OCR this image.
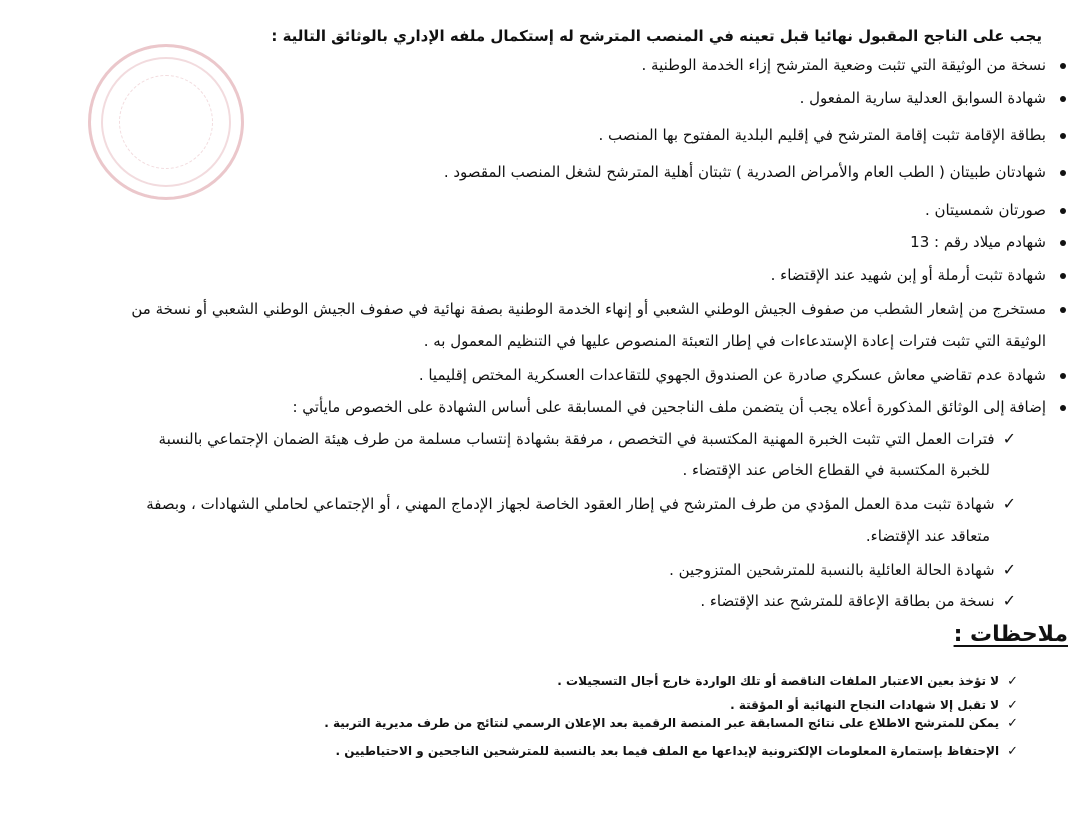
يجب على الناجح المقبول نهائيا قبل تعينه في المنصب المترشح له إستكمال ملفه الإداري بالوثائق التالية :
نسخة من الوثيقة التي تثبت وضعية المترشح إزاء الخدمة الوطنية .
شهادة السوابق العدلية سارية المفعول .
بطاقة الإقامة تثبت إقامة المترشح في إقليم البلدية المفتوح بها المنصب .
شهادتان طبيتان ( الطب العام والأمراض الصدرية ) تثبتان أهلية المترشح لشغل المنصب المقصود .
صورتان شمسيتان .
شهادم ميلاد رقم : 13
شهادة تثبت أرملة أو إبن شهيد عند الإقتضاء .
مستخرج من إشعار الشطب من صفوف الجيش الوطني الشعبي أو إنهاء الخدمة الوطنية بصفة نهائية في صفوف الجيش الوطني الشعبي أو نسخة من
الوثيقة التي تثبت فترات إعادة الإستدعاءات في إطار التعبئة المنصوص عليها في التنظيم المعمول به .
شهادة عدم تقاضي معاش عسكري صادرة عن الصندوق الجهوي للتقاعدات العسكرية المختص إقليميا .
إضافة إلى الوثائق المذكورة أعلاه يجب أن يتضمن ملف الناجحين في المسابقة على أساس الشهادة على الخصوص مايأتي :
✓فترات العمل التي تثبت الخبرة المهنية المكتسبة في التخصص ، مرفقة بشهادة إنتساب مسلمة من طرف هيئة الضمان الإجتماعي بالنسبة
للخبرة المكتسبة في القطاع الخاص عند الإقتضاء .
✓شهادة تثبت مدة العمل المؤدي من طرف المترشح في إطار العقود الخاصة لجهاز الإدماج المهني ، أو الإجتماعي لحاملي الشهادات ، وبصفة
متعاقد عند الإقتضاء.
✓شهادة الحالة العائلية بالنسبة للمترشحين المتزوجين .
✓نسخة من بطاقة الإعاقة للمترشح عند الإقتضاء .
ملاحظات :
✓لا تؤخذ بعين الاعتبار الملفات الناقصة أو تلك الواردة خارج أجال التسجيلات .
✓لا تقبل إلا شهادات النجاح النهائية أو المؤقتة .
✓يمكن للمترشح الاطلاع على نتائج المسابقة عبر المنصة الرقمية بعد الإعلان الرسمي لنتائج من طرف مديرية التربية .
✓الإحتفاظ بإستمارة المعلومات الإلكترونية لإيداعها مع الملف فيما بعد بالنسبة للمترشحين الناجحين و الاحتياطيين .
